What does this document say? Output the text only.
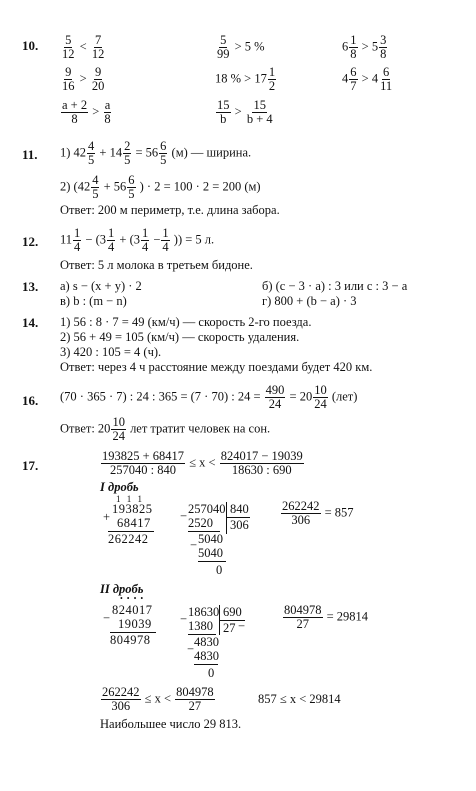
10. $\frac{5}{12} < \frac{7}{12}$	$\frac{5}{99} > 5$ %	$6 \frac{1}{8} > 5 \frac{3}{8}$
$\frac{9}{16} > \frac{9}{20}$	18 % > $17 \frac{1}{2}$	$4 \frac{6}{7} > 4 \frac{6}{11}$
$\frac{a + 2}{8} > \frac{a}{8}$	$\frac{15}{b} > \frac{15}{b + 4}$
11. 1) $42 \frac{4}{5} + 14 \frac{2}{5} = 56 \frac{6}{5} (м)$ — ширина.
2) ($42 \frac{4}{5} + 56 \frac{6}{5}$ ) · 2 = 100 · 2 = 200 (м)
Ответ: 200 м периметр, т.е. длина забора.
12. $11 \frac{1}{4} - (3 \frac{1}{4} + (3 \frac{1}{4} - \frac{1}{4}$ )) = 5 л.
Ответ: 5 л молока в третьем бидоне.
13. а) s − (x + y) · 2	б) (c − 3 · a) : 3 или c : 3 − a
в) b : (m − n)	г) 800 + (b − a) · 3
14. 1) 56 : 8 · 7 = 49 (км/ч) — скорость 2-го поезда.
2) 56 + 49 = 105 (км/ч) — скорость удаления.
3) 420 : 105 = 4 (ч).
Ответ: через 4 ч расстояние между поездами будет 420 км.
16. (70 · 365 · 7) : 24 : 365 = (7 · 70) : $24 = \frac{490}{24} = 20 \frac{10}{24} (лет)$
Ответ: $20 \frac{10}{24}$ лет тратит человек на сон.
17.	$\frac{193825 + 68417}{257040 : 840} \le x < \frac{824017 - 19039}{18630 : 690}$
I дробь
1 1 1
+
193825
68417
262242
− 257040 840
2520 306
− 5040
5040
0
$\frac{262242}{306} = 857$
II дробь
• • • •
−
824017
19039
804978
− 18630 690
1380 27 −
− 4830
4830
0
$\frac{804978}{27} = 29814$
$\frac{262242}{306} \le x < \frac{804978}{27}$	857 ≤ x < 29814
Наибольшее число 29 813.
